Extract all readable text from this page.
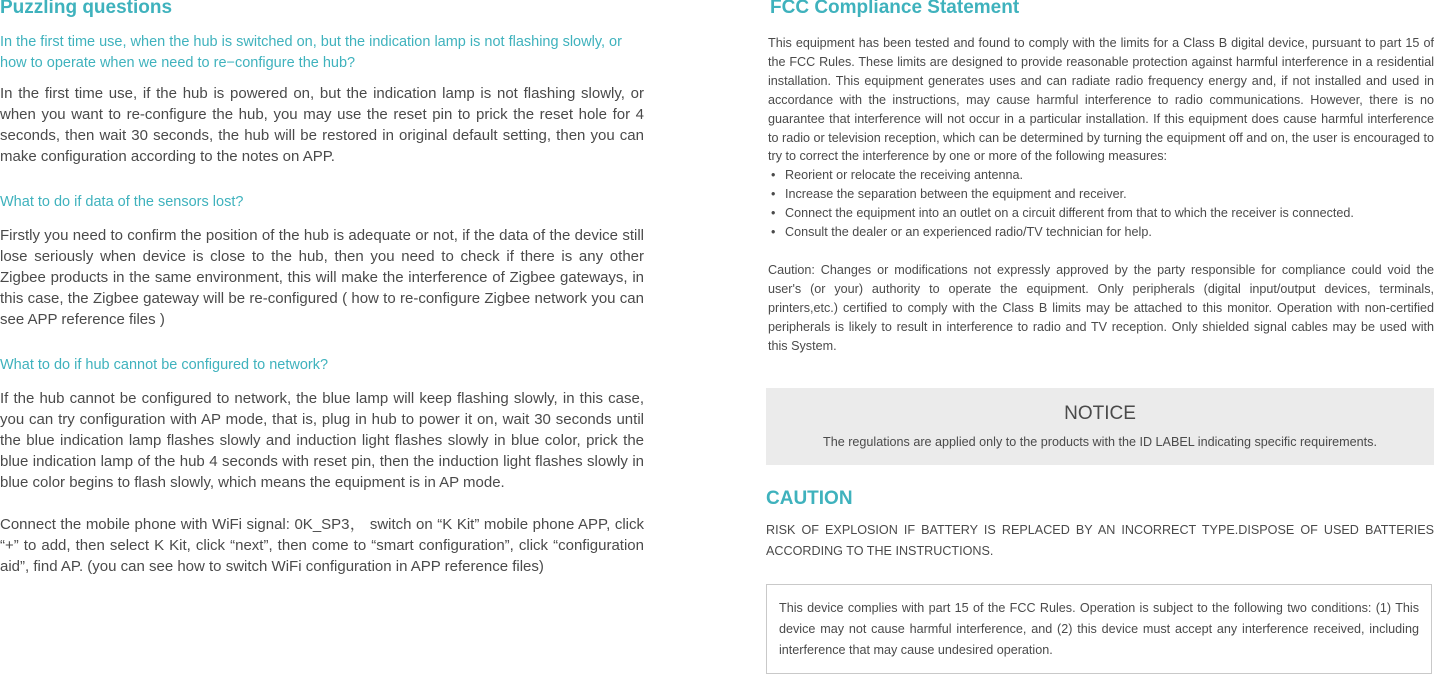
Puzzling questions

In the first time use, when the hub is switched on, but the indication lamp is not flashing slowly, or how to operate when we need to re−configure the hub?

In the first time use, if the hub is powered on, but the indication lamp is not flashing slowly, or when you want to re-configure the hub, you may use the reset pin to prick the reset hole for 4 seconds, then wait 30 seconds, the hub will be restored in original default setting, then you can make configuration according to the notes on APP.

What to do if data of the sensors lost?

Firstly you need to confirm the position of the hub is adequate or not, if the data of the device still lose seriously when device is close to the hub, then you need to check if there is any other Zigbee products in the same environment, this will make the interference of Zigbee gateways, in this case, the Zigbee gateway will be re-configured ( how to re-configure Zigbee network you can see APP reference files )

What to do if hub cannot be configured to network?

If the hub cannot be configured to network, the blue lamp will keep flashing slowly, in this case, you can try configuration with AP mode, that is, plug in hub to power it on, wait 30 seconds until the blue indication lamp flashes slowly and induction light flashes slowly in blue color, prick the blue indication lamp of the hub 4 seconds with reset pin, then the induction light flashes slowly in blue color begins to flash slowly, which means the equipment is in AP mode.

Connect the mobile phone with WiFi signal: 0K_SP3， switch on “K Kit” mobile phone APP, click “+” to add, then select K Kit, click “next”, then come to “smart configuration”, click “configuration aid”, find AP. (you can see how to switch WiFi configuration in APP reference files)

FCC Compliance Statement

This equipment has been tested and found to comply with the limits for a Class B digital device, pursuant to part 15 of the FCC Rules. These limits are designed to provide reasonable protection against harmful interference in a residential installation. This equipment generates uses and can radiate radio frequency energy and, if not installed and used in accordance with the instructions, may cause harmful interference to radio communications. However, there is no guarantee that interference will not occur in a particular installation. If this equipment does cause harmful interference to radio or television reception, which can be determined by turning the equipment off and on, the user is encouraged to try to correct the interference by one or more of the following measures:

• Reorient or relocate the receiving antenna.
• Increase the separation between the equipment and receiver.
• Connect the equipment into an outlet on a circuit different from that to which the receiver is connected.
• Consult the dealer or an experienced radio/TV technician for help.

Caution: Changes or modifications not expressly approved by the party responsible for compliance could void the user's (or your) authority to operate the equipment. Only peripherals (digital input/output devices, terminals, printers,etc.) certified to comply with the Class B limits may be attached to this monitor. Operation with non-certified peripherals is likely to result in interference to radio and TV reception. Only shielded signal cables may be used with this System.

NOTICE
The regulations are applied only to the products with the ID LABEL indicating specific requirements.
CAUTION

RISK OF EXPLOSION IF BATTERY IS REPLACED BY AN INCORRECT TYPE.DISPOSE OF USED BATTERIES ACCORDING TO THE INSTRUCTIONS.

This device complies with part 15 of the FCC Rules. Operation is subject to the following two conditions: (1) This device may not cause harmful interference, and (2) this device must accept any interference received, including interference that may cause undesired operation.
